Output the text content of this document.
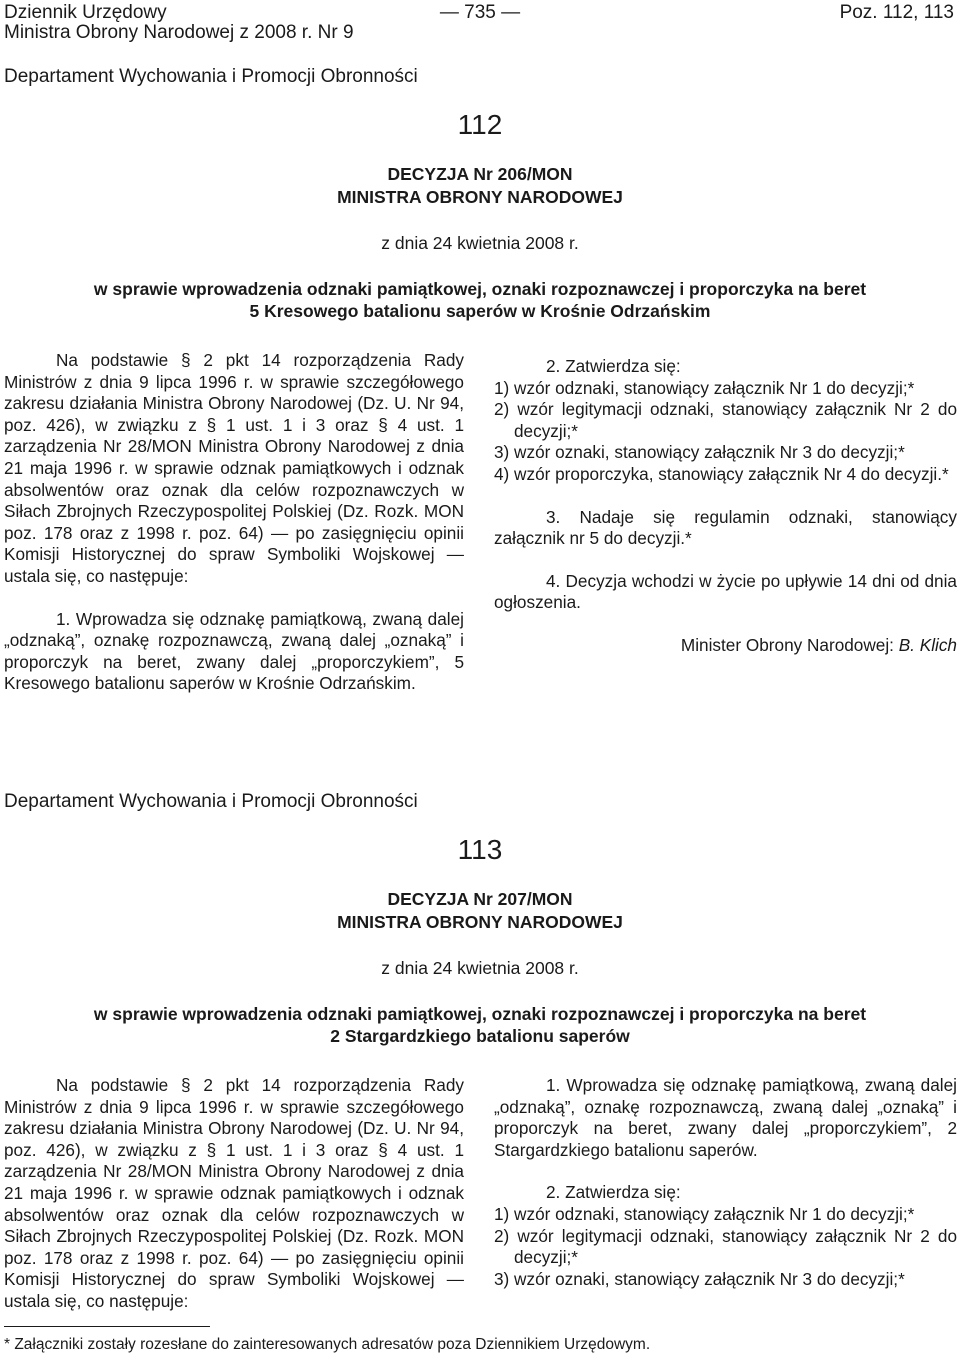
Dziennik Urzędowy
Ministra Obrony Narodowej z 2008 r. Nr 9
— 735 —	Poz. 112, 113
Departament Wychowania i Promocji Obronności
112
DECYZJA Nr 206/MON
MINISTRA OBRONY NARODOWEJ
z dnia 24 kwietnia 2008 r.
w sprawie wprowadzenia odznaki pamiątkowej, oznaki rozpoznawczej i proporczyka na beret
5 Kresowego batalionu saperów w Krośnie Odrzańskim

Na podstawie § 2 pkt 14 rozporządzenia Rady Ministrów z dnia 9 lipca 1996 r. w sprawie szczegółowego zakresu działania Ministra Obrony Narodowej (Dz. U. Nr 94, poz. 426), w związku z § 1 ust. 1 i 3 oraz § 4 ust. 1 zarządzenia Nr 28/MON Ministra Obrony Narodowej z dnia 21 maja 1996 r. w sprawie odznak pamiątkowych i odznak absolwentów oraz oznak dla celów rozpoznawczych w Siłach Zbrojnych Rzeczypospolitej Polskiej (Dz. Rozk. MON poz. 178 oraz z 1998 r. poz. 64) — po zasięgnięciu opinii Komisji Historycznej do spraw Symboliki Wojskowej — ustala się, co następuje:

1. Wprowadza się odznakę pamiątkową, zwaną dalej „odznaką”, oznakę rozpoznawczą, zwaną dalej „oznaką” i proporczyk na beret, zwany dalej „proporczykiem”, 5 Kresowego batalionu saperów w Krośnie Odrzańskim.

2. Zatwierdza się:

1) wzór odznaki, stanowiący załącznik Nr 1 do decyzji;*

2) wzór legitymacji odznaki, stanowiący załącznik Nr 2 do decyzji;*

3) wzór oznaki, stanowiący załącznik Nr 3 do decyzji;*

4) wzór proporczyka, stanowiący załącznik Nr 4 do decyzji.*

3. Nadaje się regulamin odznaki, stanowiący załącznik nr 5 do decyzji.*

4. Decyzja wchodzi w życie po upływie 14 dni od dnia ogłoszenia.

Minister Obrony Narodowej: B. Klich

Departament Wychowania i Promocji Obronności
113
DECYZJA Nr 207/MON
MINISTRA OBRONY NARODOWEJ
z dnia 24 kwietnia 2008 r.
w sprawie wprowadzenia odznaki pamiątkowej, oznaki rozpoznawczej i proporczyka na beret
2 Stargardzkiego batalionu saperów

Na podstawie § 2 pkt 14 rozporządzenia Rady Ministrów z dnia 9 lipca 1996 r. w sprawie szczegółowego zakresu działania Ministra Obrony Narodowej (Dz. U. Nr 94, poz. 426), w związku z § 1 ust. 1 i 3 oraz § 4 ust. 1 zarządzenia Nr 28/MON Ministra Obrony Narodowej z dnia 21 maja 1996 r. w sprawie odznak pamiątkowych i odznak absolwentów oraz oznak dla celów rozpoznawczych w Siłach Zbrojnych Rzeczypospolitej Polskiej (Dz. Rozk. MON poz. 178 oraz z 1998 r. poz. 64) — po zasięgnięciu opinii Komisji Historycznej do spraw Symboliki Wojskowej — ustala się, co następuje:

1. Wprowadza się odznakę pamiątkową, zwaną dalej „odznaką”, oznakę rozpoznawczą, zwaną dalej „oznaką” i proporczyk na beret, zwany dalej „proporczykiem”, 2 Stargardzkiego batalionu saperów.

2. Zatwierdza się:

1) wzór odznaki, stanowiący załącznik Nr 1 do decyzji;*

2) wzór legitymacji odznaki, stanowiący załącznik Nr 2 do decyzji;*

3) wzór oznaki, stanowiący załącznik Nr 3 do decyzji;*

* Załączniki zostały rozesłane do zainteresowanych adresatów poza Dziennikiem Urzędowym.
